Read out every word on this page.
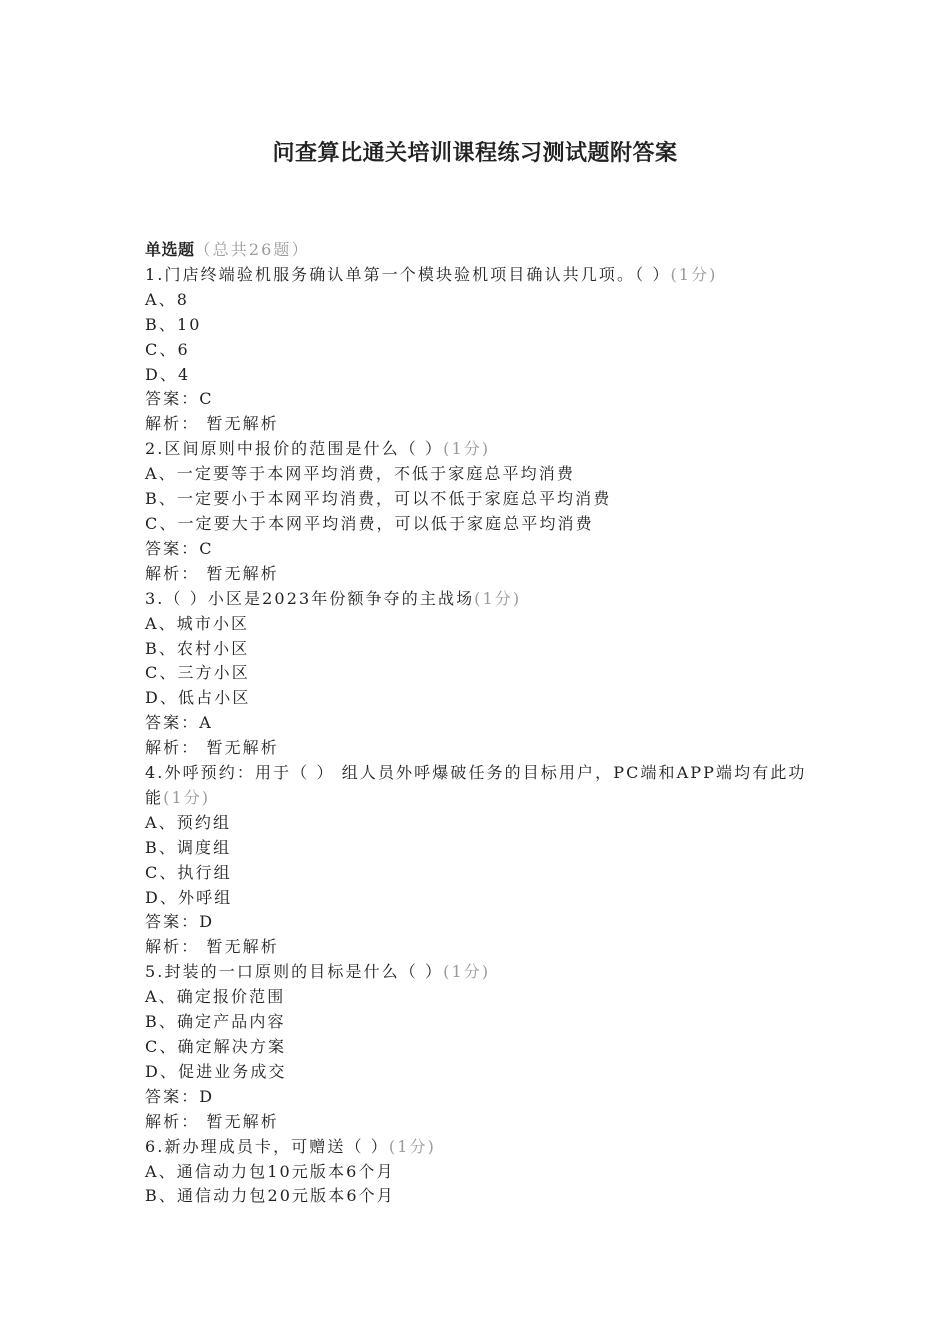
问查算比通关培训课程练习测试题附答案
单选题（总共26题）
1.门店终端验机服务确认单第一个模块验机项目确认共几项。（ ）(1分)
A、8
B、10
C、6
D、4
答案：C
解析： 暂无解析
2.区间原则中报价的范围是什么（ ）(1分)
A、一定要等于本网平均消费，不低于家庭总平均消费
B、一定要小于本网平均消费，可以不低于家庭总平均消费
C、一定要大于本网平均消费，可以低于家庭总平均消费
答案：C
解析： 暂无解析
3.（ ）小区是2023年份额争夺的主战场(1分)
A、城市小区
B、农村小区
C、三方小区
D、低占小区
答案：A
解析： 暂无解析
4.外呼预约：用于（ ） 组人员外呼爆破任务的目标用户，PC端和APP端均有此功能(1分)
A、预约组
B、调度组
C、执行组
D、外呼组
答案：D
解析： 暂无解析
5.封装的一口原则的目标是什么（ ）(1分)
A、确定报价范围
B、确定产品内容
C、确定解决方案
D、促进业务成交
答案：D
解析： 暂无解析
6.新办理成员卡，可赠送（ ）(1分)
A、通信动力包10元版本6个月
B、通信动力包20元版本6个月
